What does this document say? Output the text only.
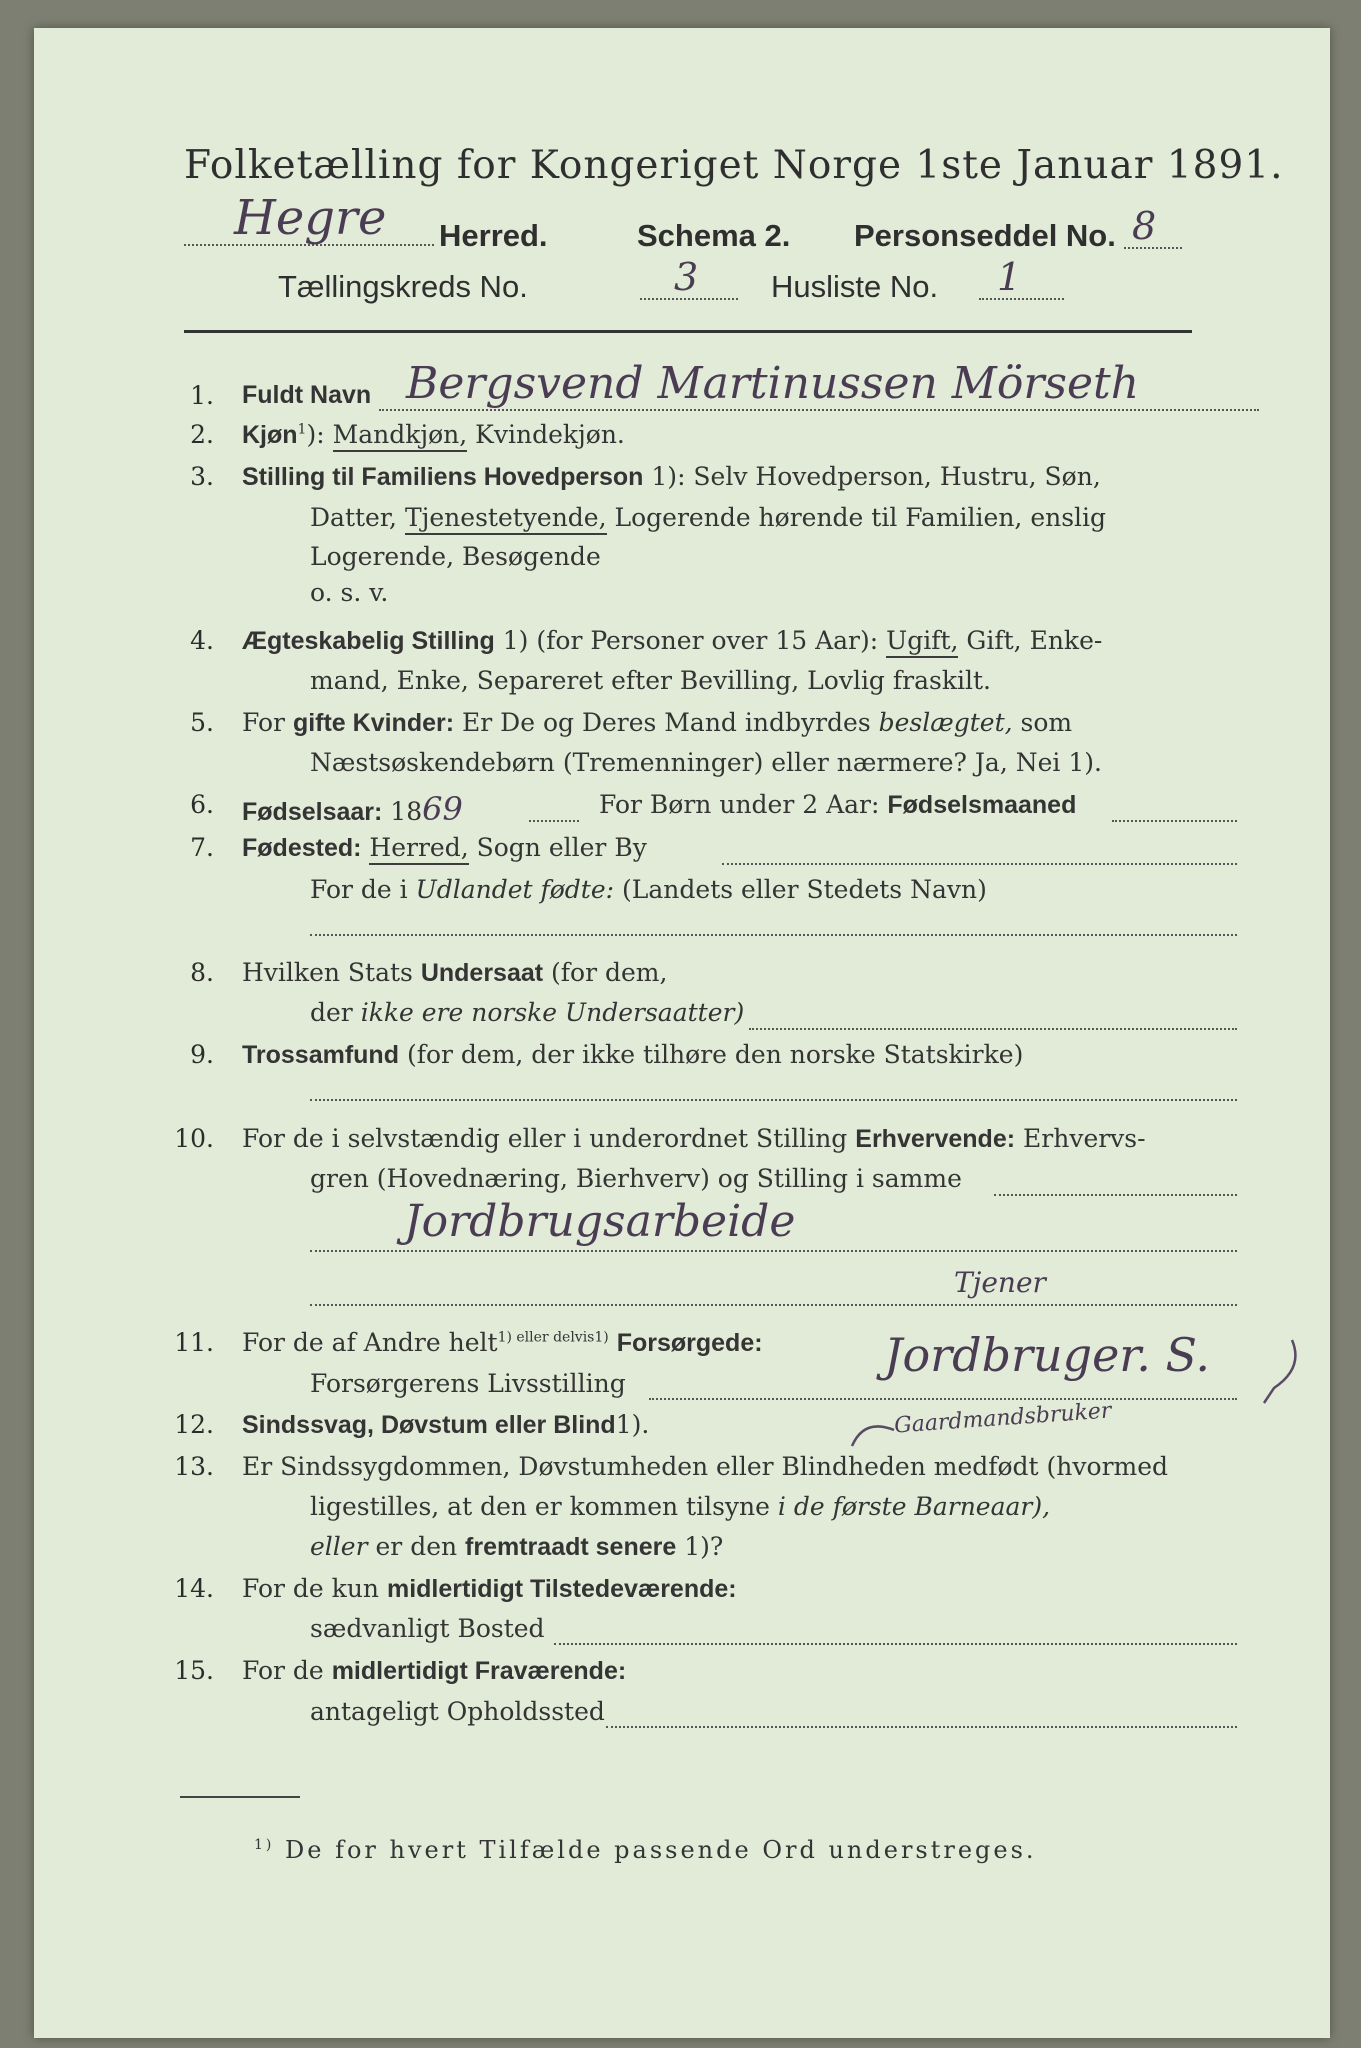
Folketælling for Kongeriget Norge 1ste Januar 1891.
Hegre Herred.	Schema 2. Personseddel No. 8
Tællingskreds No.	3 Husliste No. 1
1. Fuldt Navn Bergsvend Martinussen Mörseth
2. Kjøn$^1$): Mandkjøn, Kvindekjøn.
3. Stilling til Familiens Hovedperson 1): Selv Hovedperson, Hustru, Søn,
Datter, Tjenestetyende, Logerende hørende til Familien, enslig
Logerende, Besøgende
o. s. v.
4. Ægteskabelig Stilling 1) (for Personer over 15 Aar): Ugift, Gift, Enke-
mand, Enke, Separeret efter Bevilling, Lovlig fraskilt.
5. For gifte Kvinder: Er De og Deres Mand indbyrdes beslægtet, som
Næstsøskendebørn (Tremenninger) eller nærmere? Ja, Nei 1).
6. Fødselsaar: 1869	For Børn under 2 Aar: Fødselsmaaned
7. Fødested: Herred, Sogn eller By
For de i Udlandet fødte: (Landets eller Stedets Navn)
8. Hvilken Stats Undersaat (for dem,
der ikke ere norske Undersaatter)
9. Trossamfund (for dem, der ikke tilhøre den norske Statskirke)
10. For de i selvstændig eller i underordnet Stilling Erhvervende: Erhvervs-
gren (Hovednæring, Bierhverv) og Stilling i samme
Jordbrugsarbeide
Tjener
11. For de af Andre helt$^{1) eller delvis1)}$ Forsørgede:
Forsørgerens Livsstilling
Jordbruger. S.
12. Sindssvag, Døvstum eller Blind1).	Gaardmandsbruker
13. Er Sindssygdommen, Døvstumheden eller Blindheden medfødt (hvormed
ligestilles, at den er kommen tilsyne i de første Barneaar),
eller er den fremtraadt senere 1)?
14. For de kun midlertidigt Tilstedeværende:
sædvanligt Bosted
15. For de midlertidigt Fraværende:
antageligt Opholdssted
$^{1)}$ De for hvert Tilfælde passende Ord understreges.
